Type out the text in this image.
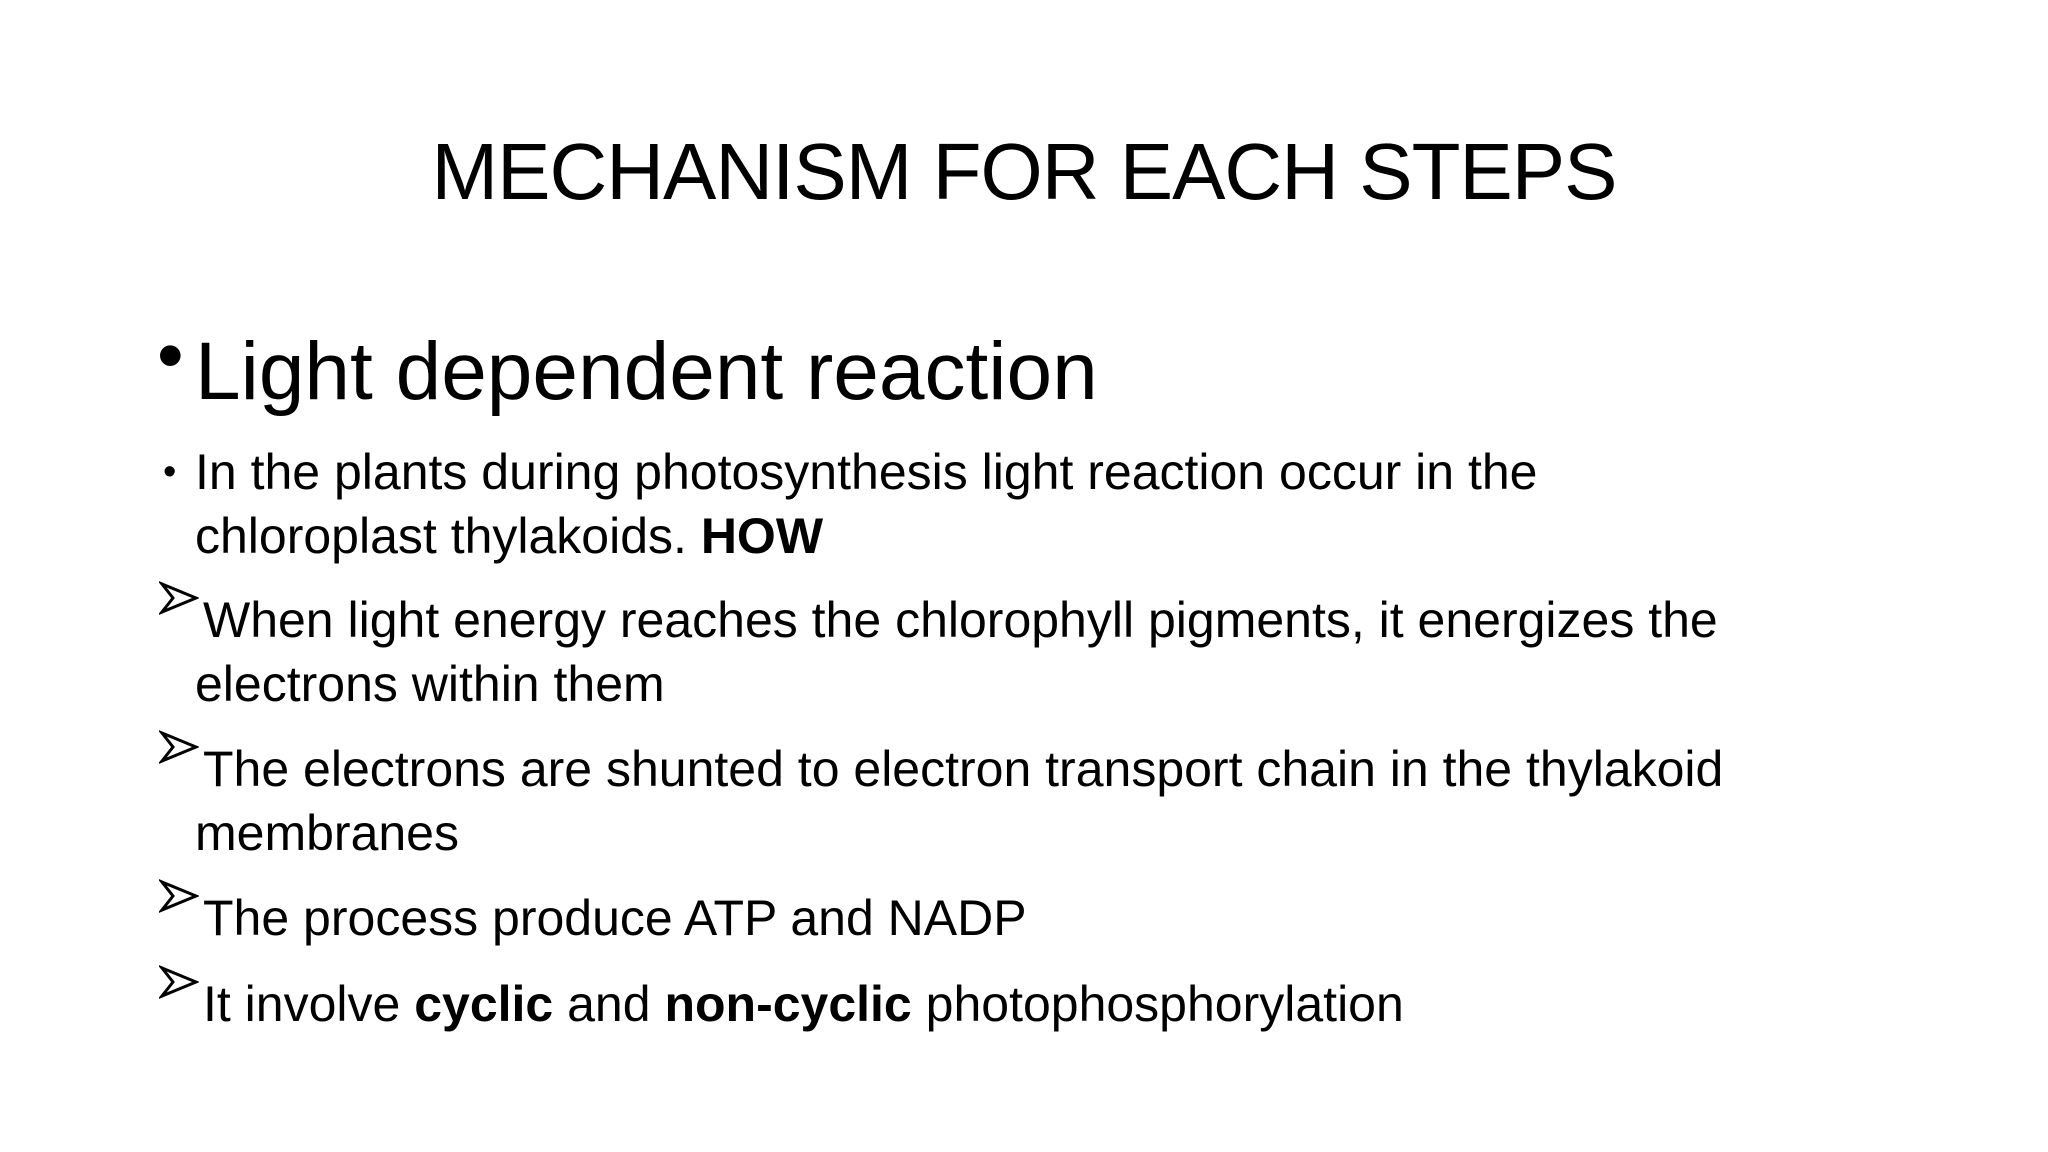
MECHANISM FOR EACH STEPS
• Light dependent reaction
• In the plants during photosynthesis light reaction occur in the
chloroplast thylakoids. HOW
When light energy reaches the chlorophyll pigments, it energizes the
electrons within them
The electrons are shunted to electron transport chain in the thylakoid
membranes
The process produce ATP and NADP
It involve cyclic and non-cyclic photophosphorylation
